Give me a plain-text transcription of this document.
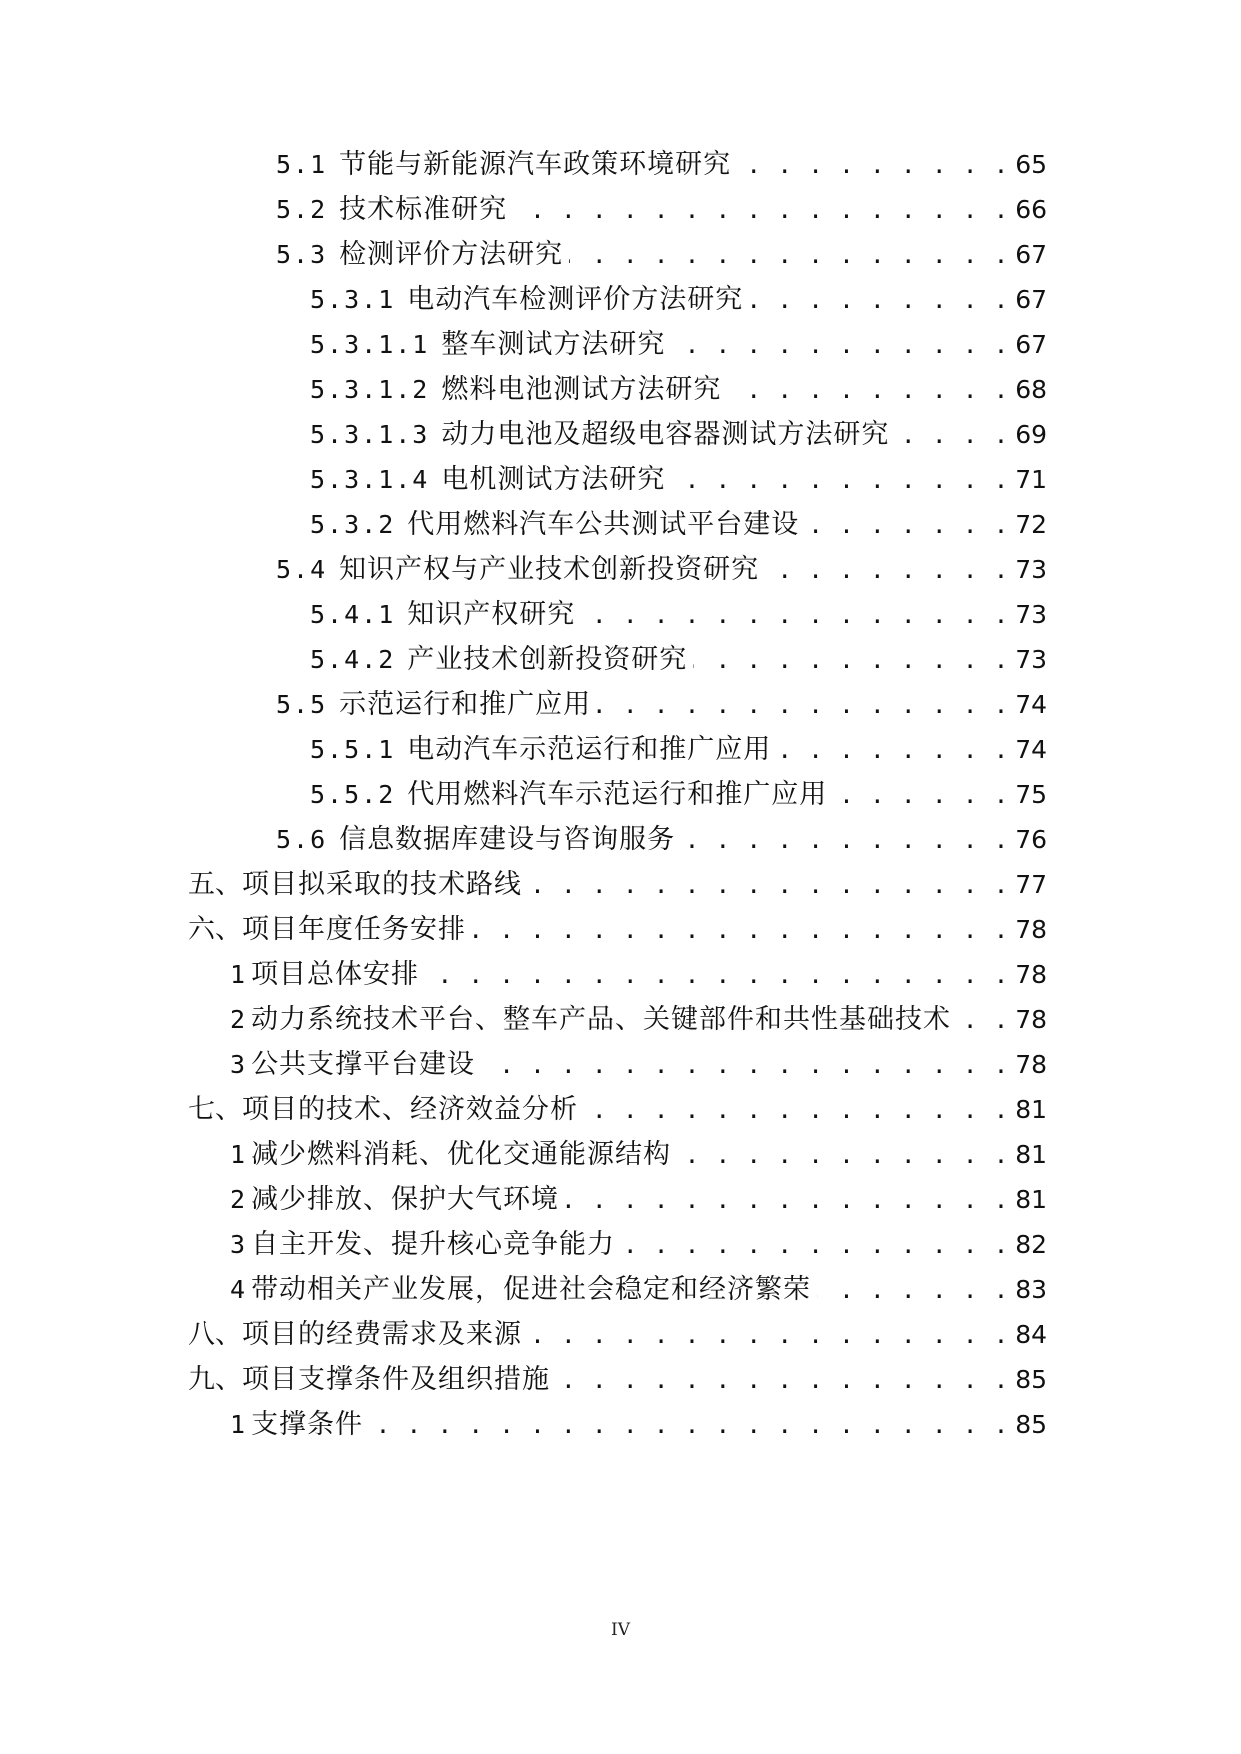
5.1 节能与新能源汽车政策环境研究 . . .	65
5.2 技术标准研究 . . .	66
5.3 检测评价方法研究 . . .	67
5.3.1 电动汽车检测评价方法研究 . . .	67
5.3.1.1 整车测试方法研究 . . .	67
5.3.1.2 燃料电池测试方法研究 . . .	68
5.3.1.3 动力电池及超级电容器测试方法研究 . . .	69
5.3.1.4 电机测试方法研究 . . .	71
5.3.2 代用燃料汽车公共测试平台建设 . . .	72
5.4 知识产权与产业技术创新投资研究 . . .	73
5.4.1 知识产权研究 . . .	73
5.4.2 产业技术创新投资研究 . . .	73
5.5 示范运行和推广应用 . . .	74
5.5.1 电动汽车示范运行和推广应用 . . .	74
5.5.2 代用燃料汽车示范运行和推广应用 . . .	75
5.6 信息数据库建设与咨询服务 . . .	76
五、 项目拟采取的技术路线 . . .	77
六、 项目年度任务安排 . . .	78
1 项目总体安排 . . .	78
2 动力系统技术平台、整车产品、关键部件和共性基础技术 . . .	78
3 公共支撑平台建设 . . .	78
七、 项目的技术、经济效益分析 . . .	81
1 减少燃料消耗、优化交通能源结构 . . .	81
2 减少排放、保护大气环境 . . .	81
3 自主开发、提升核心竞争能力 . . .	82
4 带动相关产业发展，促进社会稳定和经济繁荣 . . .	83
八、 项目的经费需求及来源 . . .	84
九、 项目支撑条件及组织措施 . . .	85
1 支撑条件 . . .	85
IV
